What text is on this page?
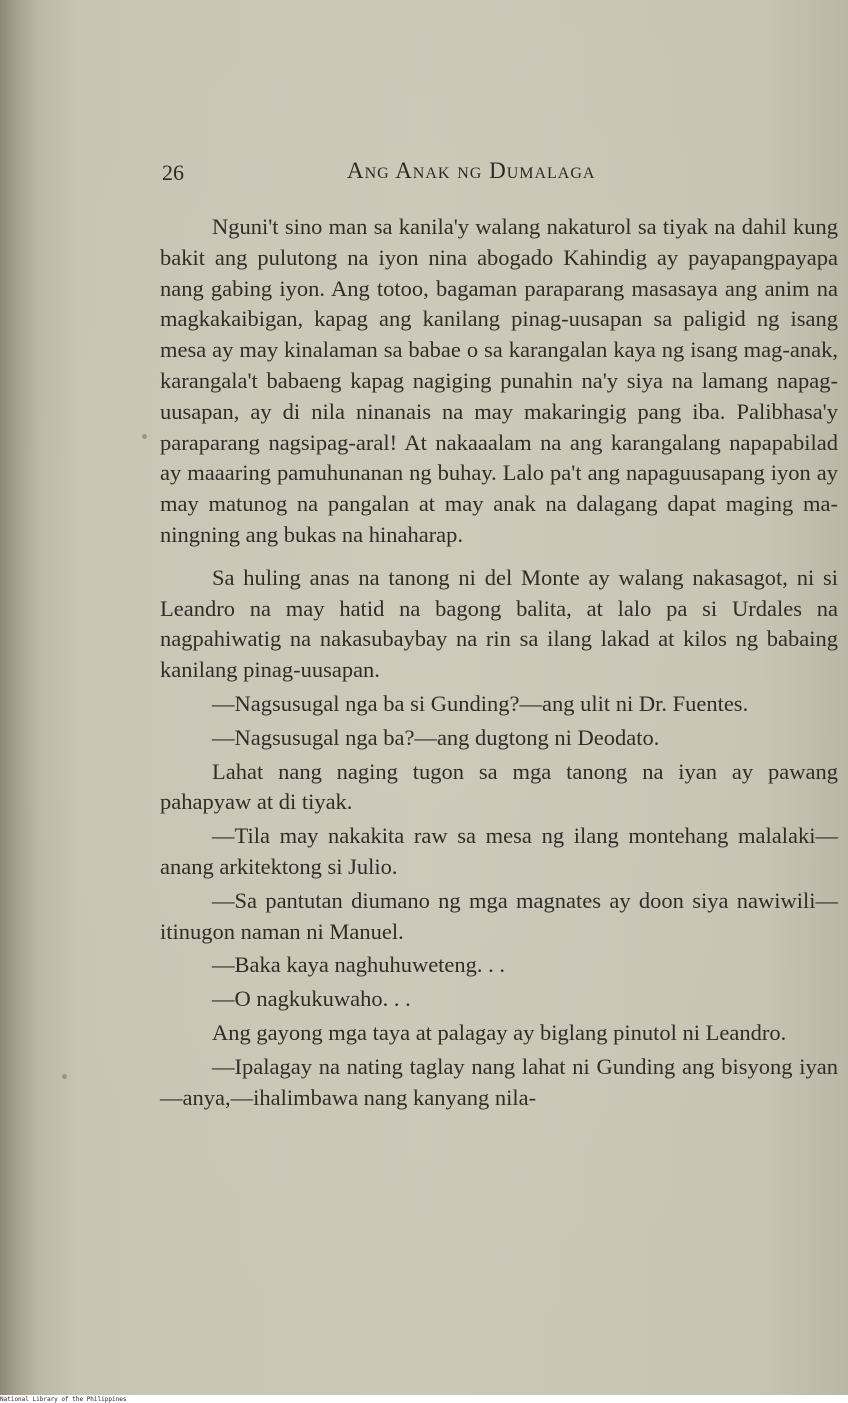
26	Ang Anak ng Dumalaga

Nguni't sino man sa kanila'y walang nakaturol sa tiyak na dahil kung bakit ang pulutong na iyon nina abogado Kahindig ay payapangpayapa nang gabing iyon. Ang totoo, bagaman paraparang masasaya ang anim na magkakaibigan, kapag ang kanilang pinag-uusapan sa paligid ng isang mesa ay may kinalaman sa babae o sa karangalan kaya ng isang mag-anak, karangala't babaeng kapag nagiging punahin na'y siya na lamang napag-uusapan, ay di nila ninanais na may makaringig pang iba. Palibhasa'y paraparang nagsipag-aral! At nakaaalam na ang karangalang napapabilad ay maaaring pamuhunanan ng buhay. Lalo pa't ang napaguusapang iyon ay may matunog na pangalan at may anak na dalagang dapat maging maningning ang bukas na hinaharap.

Sa huling anas na tanong ni del Monte ay walang nakasagot, ni si Leandro na may hatid na bagong balita, at lalo pa si Urdales na nagpahiwatig na nakasubaybay na rin sa ilang lakad at kilos ng babaing kanilang pinag-uusapan.

—Nagsusugal nga ba si Gunding?—ang ulit ni Dr. Fuentes.

—Nagsusugal nga ba?—ang dugtong ni Deodato.

Lahat nang naging tugon sa mga tanong na iyan ay pawang pahapyaw at di tiyak.

—Tila may nakakita raw sa mesa ng ilang montehang malalaki—anang arkitektong si Julio.

—Sa pantutan diumano ng mga magnates ay doon siya nawiwili—itinugon naman ni Manuel.

—Baka kaya naghuhuweteng. . .

—O nagkukuwaho. . .

Ang gayong mga taya at palagay ay biglang pinutol ni Leandro.

—Ipalagay na nating taglay nang lahat ni Gunding ang bisyong iyan—anya,—ihalimbawa nang kanyang nila-

National Library of the Philippines
